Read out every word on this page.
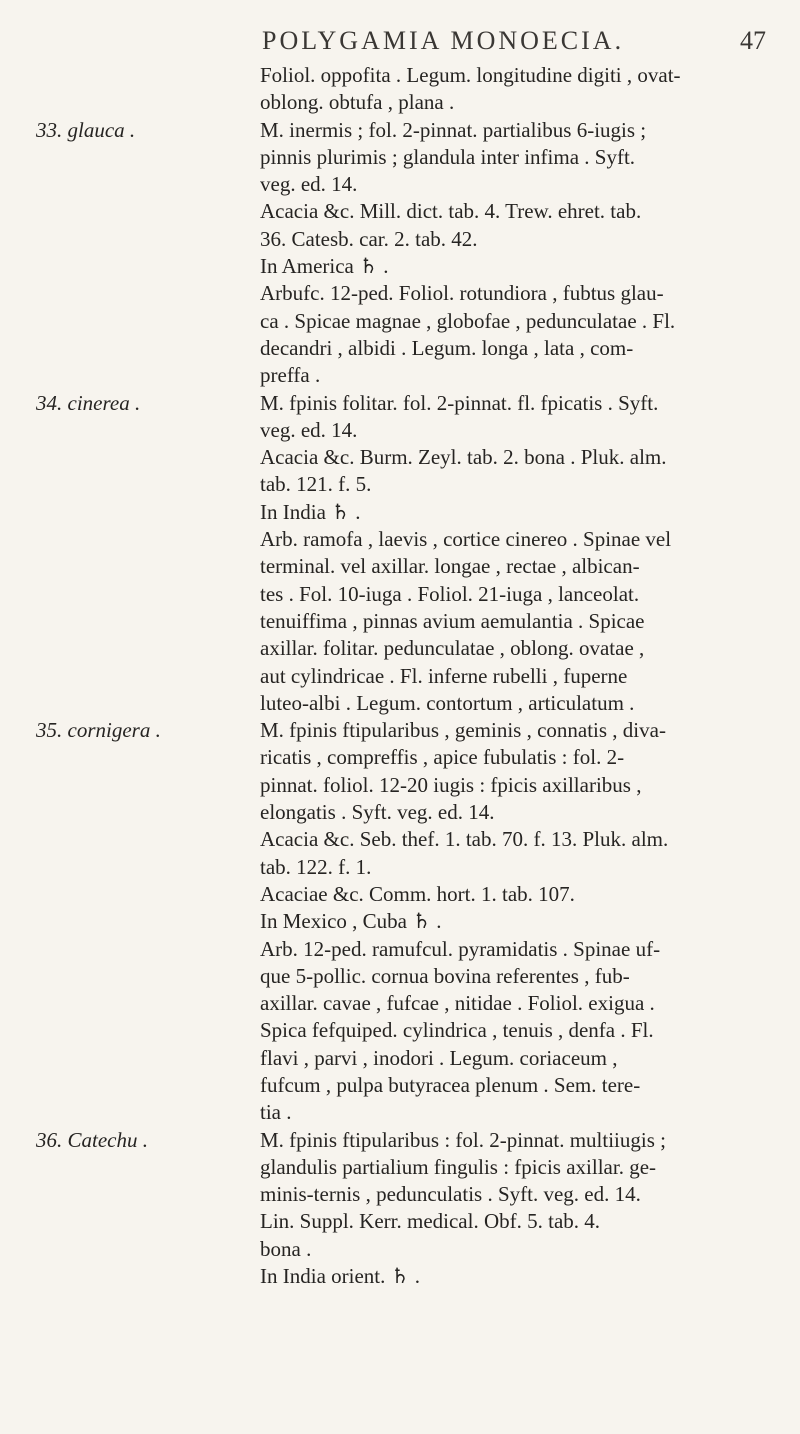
POLYGAMIA MONOECIA.	47
Foliol. oppofita . Legum. longitudine digiti , ovat-
oblong. obtufa , plana .
33. glauca .	M. inermis ; fol. 2-pinnat. partialibus 6-iugis ;
pinnis plurimis ; glandula inter infima . Syft.
veg. ed. 14.
Acacia &c. Mill. dict. tab. 4. Trew. ehret. tab.
36. Catesb. car. 2. tab. 42.
In America ♄ .
Arbufc. 12-ped. Foliol. rotundiora , fubtus glau-
ca . Spicae magnae , globofae , pedunculatae . Fl.
decandri , albidi . Legum. longa , lata , com-
preffa .
34. cinerea .	M. fpinis folitar. fol. 2-pinnat. fl. fpicatis . Syft.
veg. ed. 14.
Acacia &c. Burm. Zeyl. tab. 2. bona . Pluk. alm.
tab. 121. f. 5.
In India ♄ .
Arb. ramofa , laevis , cortice cinereo . Spinae vel
terminal. vel axillar. longae , rectae , albican-
tes . Fol. 10-iuga . Foliol. 21-iuga , lanceolat.
tenuiffima , pinnas avium aemulantia . Spicae
axillar. folitar. pedunculatae , oblong. ovatae ,
aut cylindricae . Fl. inferne rubelli , fuperne
luteo-albi . Legum. contortum , articulatum .
35. cornigera .	M. fpinis ftipularibus , geminis , connatis , diva-
ricatis , compreffis , apice fubulatis : fol. 2-
pinnat. foliol. 12-20 iugis : fpicis axillaribus ,
elongatis . Syft. veg. ed. 14.
Acacia &c. Seb. thef. 1. tab. 70. f. 13. Pluk. alm.
tab. 122. f. 1.
Acaciae &c. Comm. hort. 1. tab. 107.
In Mexico , Cuba ♄ .
Arb. 12-ped. ramufcul. pyramidatis . Spinae uf-
que 5-pollic. cornua bovina referentes , fub-
axillar. cavae , fufcae , nitidae . Foliol. exigua .
Spica fefquiped. cylindrica , tenuis , denfa . Fl.
flavi , parvi , inodori . Legum. coriaceum ,
fufcum , pulpa butyracea plenum . Sem. tere-
tia .
36. Catechu .	M. fpinis ftipularibus : fol. 2-pinnat. multiiugis ;
glandulis partialium fingulis : fpicis axillar. ge-
minis-ternis , pedunculatis . Syft. veg. ed. 14.
Lin. Suppl. Kerr. medical. Obf. 5. tab. 4.
bona .
In India orient. ♄ .
